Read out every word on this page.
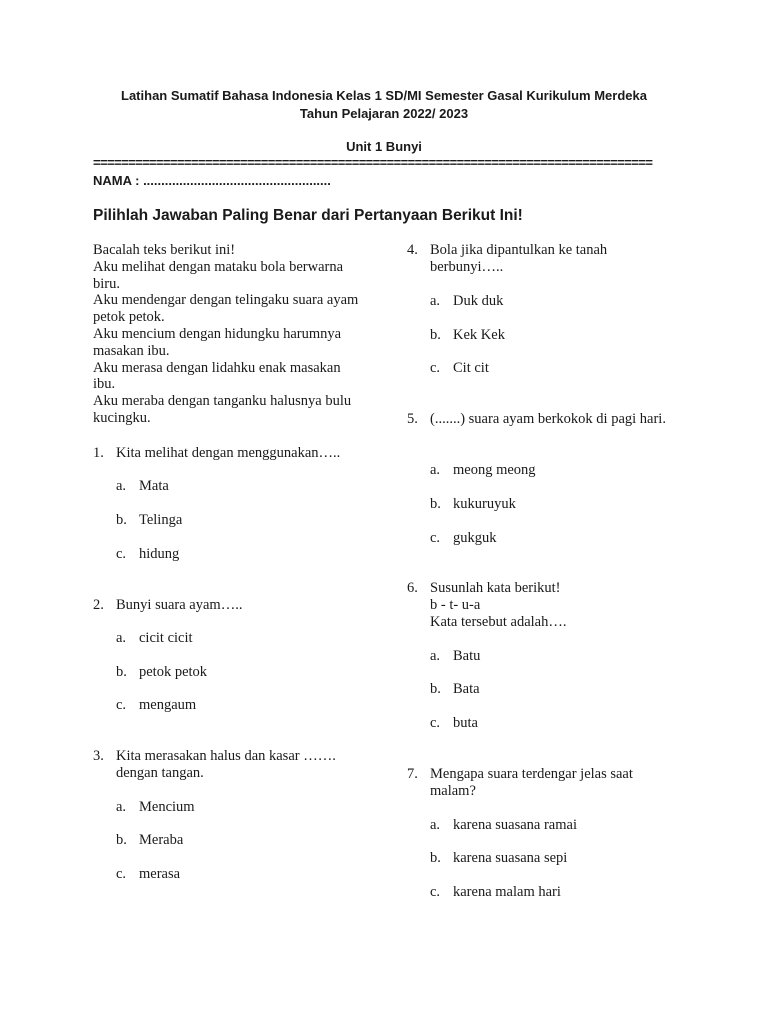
Latihan Sumatif Bahasa Indonesia Kelas 1 SD/MI Semester Gasal Kurikulum Merdeka
Tahun Pelajaran 2022/ 2023
Unit 1 Bunyi
================================================================================
NAMA : ....................................................
Pilihlah Jawaban Paling Benar dari Pertanyaan Berikut Ini!
Bacalah teks berikut ini!
Aku melihat dengan mataku bola berwarna biru.
Aku mendengar dengan telingaku suara ayam petok petok.
Aku mencium dengan hidungku harumnya masakan ibu.
Aku merasa dengan lidahku enak masakan ibu.
Aku meraba dengan tanganku halusnya bulu kucingku.
1. Kita melihat dengan menggunakan…..
a. Mata
b. Telinga
c. hidung
2. Bunyi suara ayam…..
a. cicit cicit
b. petok petok
c. mengaum
3. Kita merasakan halus dan kasar ……. dengan tangan.
a. Mencium
b. Meraba
c. merasa
4. Bola jika dipantulkan ke tanah berbunyi…..
a. Duk duk
b. Kek Kek
c. Cit cit
5. (.......) suara ayam berkokok di pagi hari.
a. meong meong
b. kukuruyuk
c. gukguk
6. Susunlah kata berikut!
b - t- u-a
Kata tersebut adalah….
a. Batu
b. Bata
c. buta
7. Mengapa suara terdengar jelas saat malam?
a. karena suasana ramai
b. karena suasana sepi
c. karena malam hari
